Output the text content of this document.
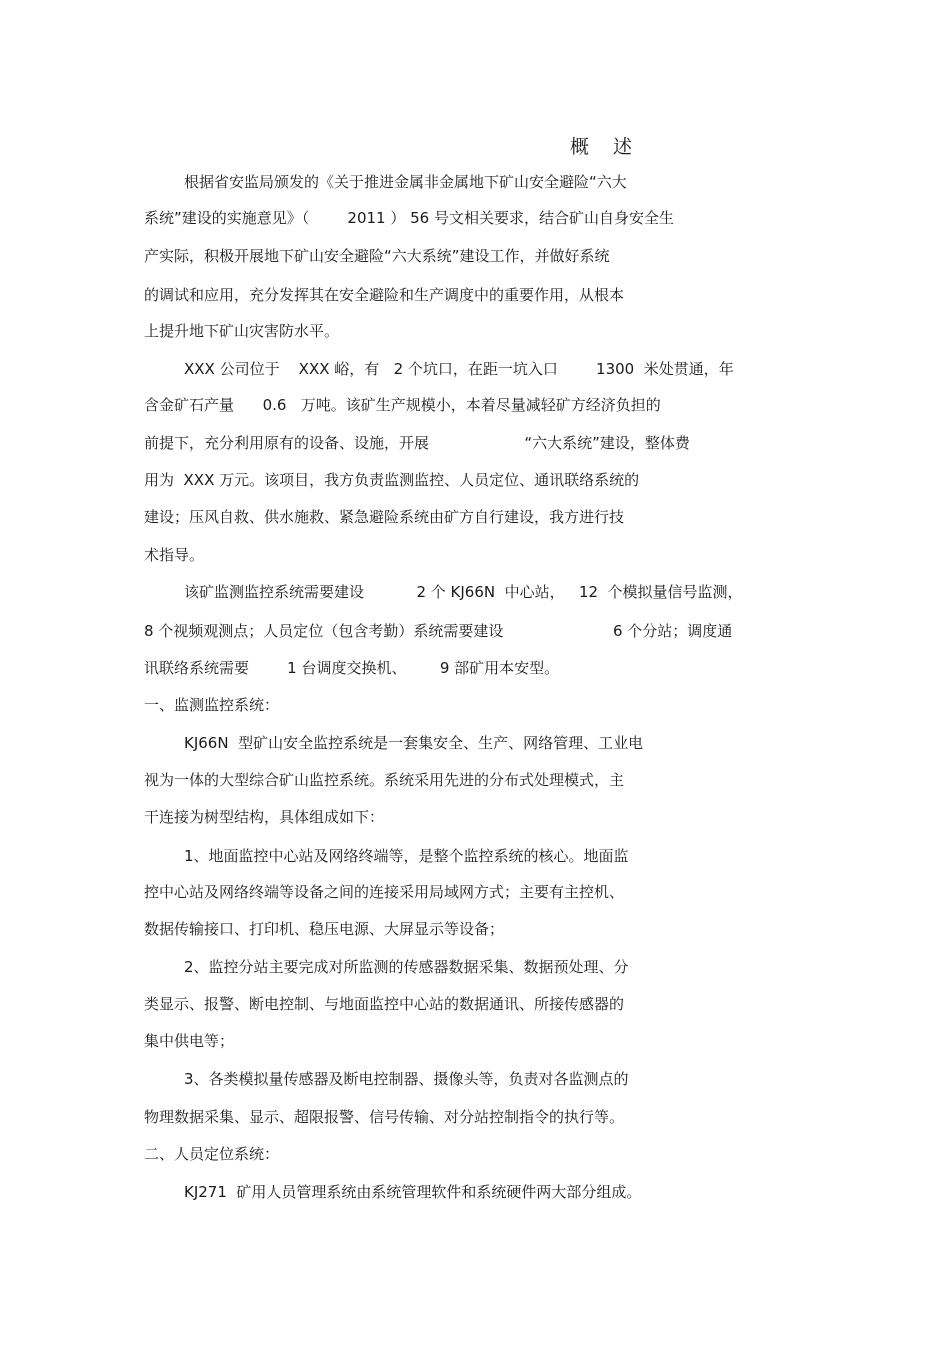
概述
根据省安监局颁发的《关于推进金属非金属地下矿山安全避险“六大
系统”建设的实施意见》（        2011 ） 56 号文相关要求，结合矿山自身安全生
产实际，积极开展地下矿山安全避险“六大系统”建设工作，并做好系统
的调试和应用，充分发挥其在安全避险和生产调度中的重要作用，从根本
上提升地下矿山灾害防水平。
XXX 公司位于    XXX 峪，有   2 个坑口，在距一坑入口        1300  米处贯通，年
含金矿石产量      0.6   万吨。该矿生产规模小，本着尽量减轻矿方经济负担的
前提下，充分利用原有的设备、设施，开展                    “六大系统”建设，整体费
用为  XXX 万元。该项目，我方负责监测监控、人员定位、通讯联络系统的
建设；压风自救、供水施救、紧急避险系统由矿方自行建设，我方进行技
术指导。
该矿监测监控系统需要建设           2 个 KJ66N  中心站，   12  个模拟量信号监测，
8 个视频观测点；人员定位（包含考勤）系统需要建设                       6 个分站；调度通
讯联络系统需要        1 台调度交换机、       9 部矿用本安型。
一、监测监控系统：
KJ66N  型矿山安全监控系统是一套集安全、生产、网络管理、工业电
视为一体的大型综合矿山监控系统。系统采用先进的分布式处理模式，主
干连接为树型结构，具体组成如下：
1、地面监控中心站及网络终端等，是整个监控系统的核心。地面监
控中心站及网络终端等设备之间的连接采用局域网方式；主要有主控机、
数据传输接口、打印机、稳压电源、大屏显示等设备；
2、监控分站主要完成对所监测的传感器数据采集、数据预处理、分
类显示、报警、断电控制、与地面监控中心站的数据通讯、所接传感器的
集中供电等；
3、各类模拟量传感器及断电控制器、摄像头等，负责对各监测点的
物理数据采集、显示、超限报警、信号传输、对分站控制指令的执行等。
二、人员定位系统：
KJ271  矿用人员管理系统由系统管理软件和系统硬件两大部分组成。
